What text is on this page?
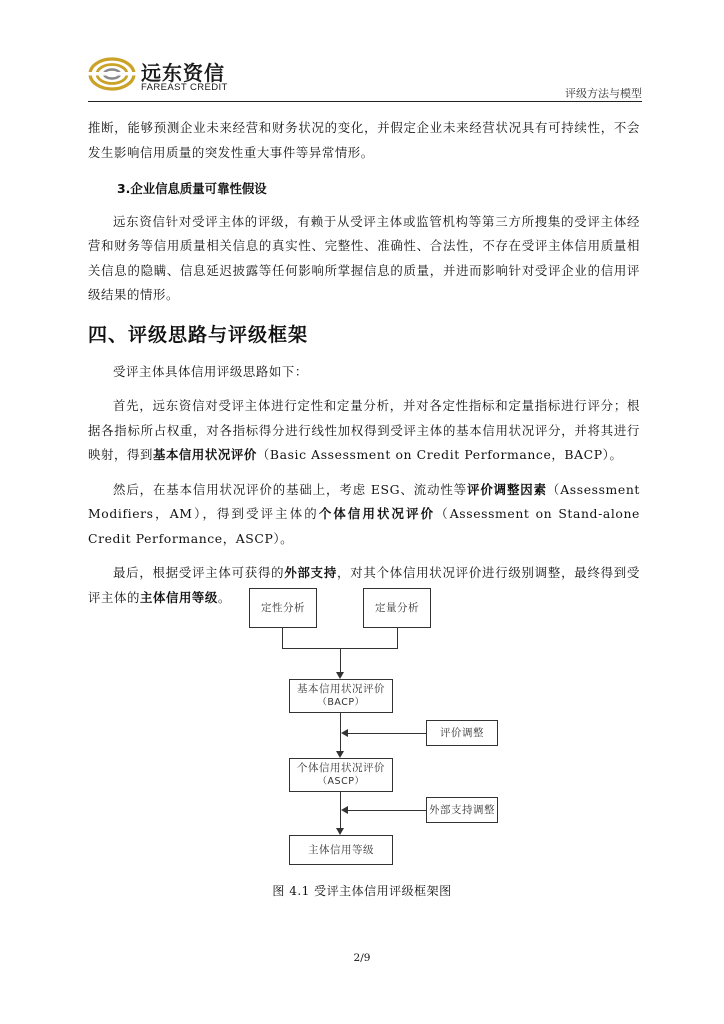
远东资信
FAREAST CREDIT	评级方法与模型

推断，能够预测企业未来经营和财务状况的变化，并假定企业未来经营状况具有可持续性，不会发生影响信用质量的突发性重大事件等异常情形。

3.企业信息质量可靠性假设

远东资信针对受评主体的评级，有赖于从受评主体或监管机构等第三方所搜集的受评主体经营和财务等信用质量相关信息的真实性、完整性、准确性、合法性，不存在受评主体信用质量相关信息的隐瞒、信息延迟披露等任何影响所掌握信息的质量，并进而影响针对受评企业的信用评级结果的情形。

四、评级思路与评级框架

受评主体具体信用评级思路如下：

首先，远东资信对受评主体进行定性和定量分析，并对各定性指标和定量指标进行评分；根据各指标所占权重，对各指标得分进行线性加权得到受评主体的基本信用状况评分，并将其进行映射，得到基本信用状况评价（Basic Assessment on Credit Performance，BACP）。

然后，在基本信用状况评价的基础上，考虑 ESG、流动性等评价调整因素（Assessment Modifiers，AM），得到受评主体的个体信用状况评价（Assessment on Stand-alone Credit Performance，ASCP）。

最后，根据受评主体可获得的外部支持，对其个体信用状况评价进行级别调整，最终得到受评主体的主体信用等级。

定性分析	定量分析
基本信用状况评价
（BACP）
评价调整
个体信用状况评价
（ASCP）
外部支持调整
主体信用等级
图 4.1 受评主体信用评级框架图
2/9
